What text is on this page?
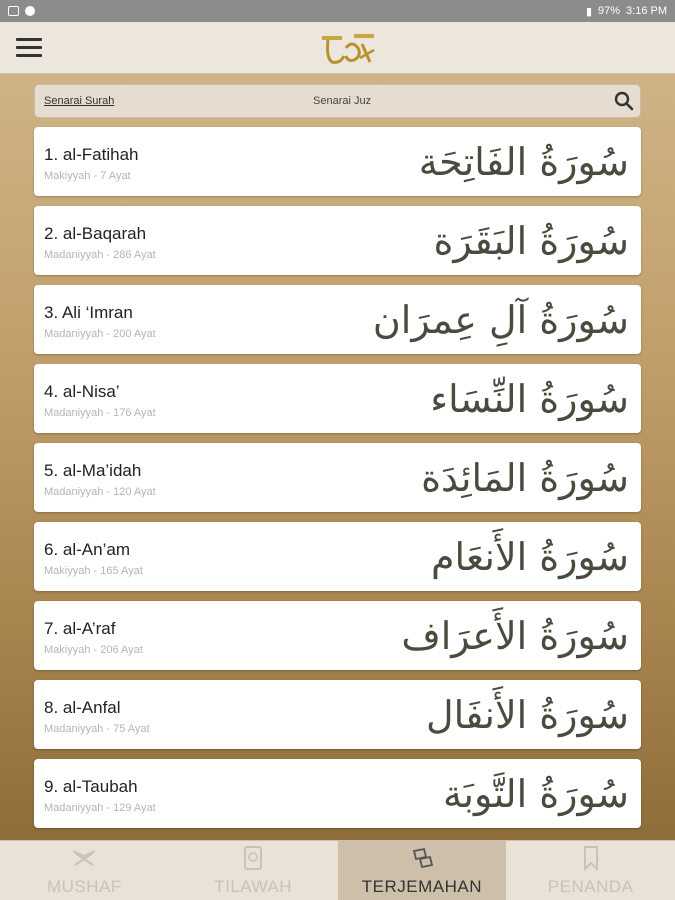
▮ 97% 3:16 PM
Senarai Surah	Senarai Juz
1. al-Fatihah
Makiyyah - 7 Ayat	سُورَةُ الفَاتِحَة
2. al-Baqarah
Madaniyyah - 286 Ayat	سُورَةُ البَقَرَة
3. Ali ‘Imran
Madaniyyah - 200 Ayat	سُورَةُ آلِ عِمرَان
4. al-Nisa’
Madaniyyah - 176 Ayat	سُورَةُ النِّسَاء
5. al-Ma’idah
Madaniyyah - 120 Ayat	سُورَةُ المَائِدَة
6. al-An’am
Makiyyah - 165 Ayat	سُورَةُ الأَنعَام
7. al-A’raf
Makiyyah - 206 Ayat	سُورَةُ الأَعرَاف
8. al-Anfal
Madaniyyah - 75 Ayat	سُورَةُ الأَنفَال
9. al-Taubah
Madaniyyah - 129 Ayat	سُورَةُ التَّوبَة
MUSHAF	TILAWAH	TERJEMAHAN	PENANDA
